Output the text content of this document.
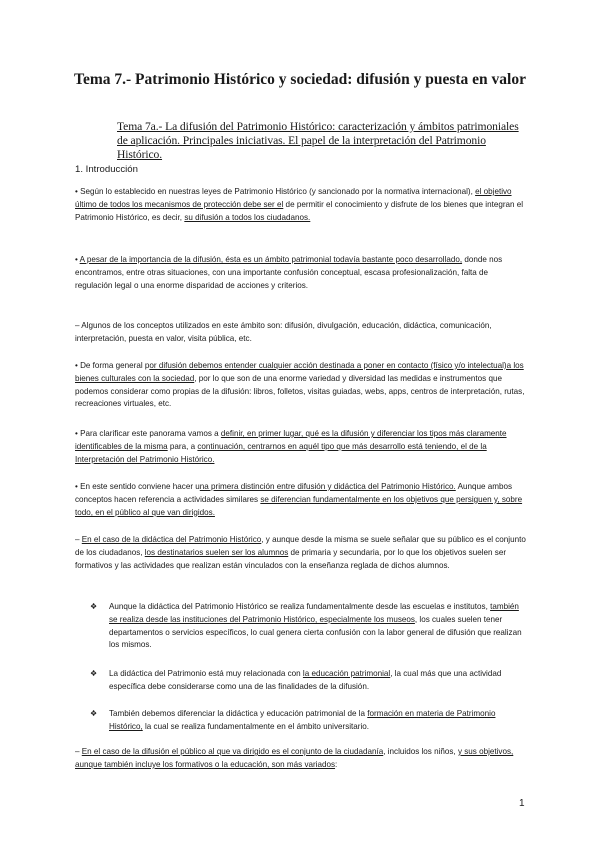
Tema 7.- Patrimonio Histórico y sociedad: difusión y puesta en valor

Tema 7a.- La difusión del Patrimonio Histórico: caracterización y ámbitos patrimoniales de aplicación. Principales iniciativas. El papel de la interpretación del Patrimonio Histórico.

1. Introducción

• Según lo establecido en nuestras leyes de Patrimonio Histórico (y sancionado por la normativa internacional), el objetivo último de todos los mecanismos de protección debe ser el de permitir el conocimiento y disfrute de los bienes que integran el Patrimonio Histórico, es decir, su difusión a todos los ciudadanos.

• A pesar de la importancia de la difusión, ésta es un ámbito patrimonial todavía bastante poco desarrollado, donde nos encontramos, entre otras situaciones, con una importante confusión conceptual, escasa profesionalización, falta de regulación legal o una enorme disparidad de acciones y criterios.

– Algunos de los conceptos utilizados en este ámbito son: difusión, divulgación, educación, didáctica, comunicación, interpretación, puesta en valor, visita pública, etc.

• De forma general por difusión debemos entender cualquier acción destinada a poner en contacto (físico y/o intelectual)a los bienes culturales con la sociedad, por lo que son de una enorme variedad y diversidad las medidas e instrumentos que podemos considerar como propias de la difusión: libros, folletos, visitas guiadas, webs, apps, centros de interpretación, rutas, recreaciones virtuales, etc.

• Para clarificar este panorama vamos a definir, en primer lugar, qué es la difusión y diferenciar los tipos más claramente identificables de la misma para, a continuación, centrarnos en aquél tipo que más desarrollo está teniendo, el de la Interpretación del Patrimonio Histórico.

• En este sentido conviene hacer una primera distinción entre difusión y didáctica del Patrimonio Histórico. Aunque ambos conceptos hacen referencia a actividades similares se diferencian fundamentalmente en los objetivos que persiguen y, sobre todo, en el público al que van dirigidos.

– En el caso de la didáctica del Patrimonio Histórico, y aunque desde la misma se suele señalar que su público es el conjunto de los ciudadanos, los destinatarios suelen ser los alumnos de primaria y secundaria, por lo que los objetivos suelen ser formativos y las actividades que realizan están vinculados con la enseñanza reglada de dichos alumnos.

❖	Aunque la didáctica del Patrimonio Histórico se realiza fundamentalmente desde las escuelas e institutos, también se realiza desde las instituciones del Patrimonio Histórico, especialmente los museos, los cuales suelen tener departamentos o servicios específicos, lo cual genera cierta confusión con la labor general de difusión que realizan los mismos.
❖	La didáctica del Patrimonio está muy relacionada con la educación patrimonial, la cual más que una actividad específica debe considerarse como una de las finalidades de la difusión.
❖	También debemos diferenciar la didáctica y educación patrimonial de la formación en materia de Patrimonio Histórico, la cual se realiza fundamentalmente en el ámbito universitario.

– En el caso de la difusión el público al que va dirigido es el conjunto de la ciudadanía, incluidos los niños, y sus objetivos, aunque también incluye los formativos o la educación, son más variados:

1
